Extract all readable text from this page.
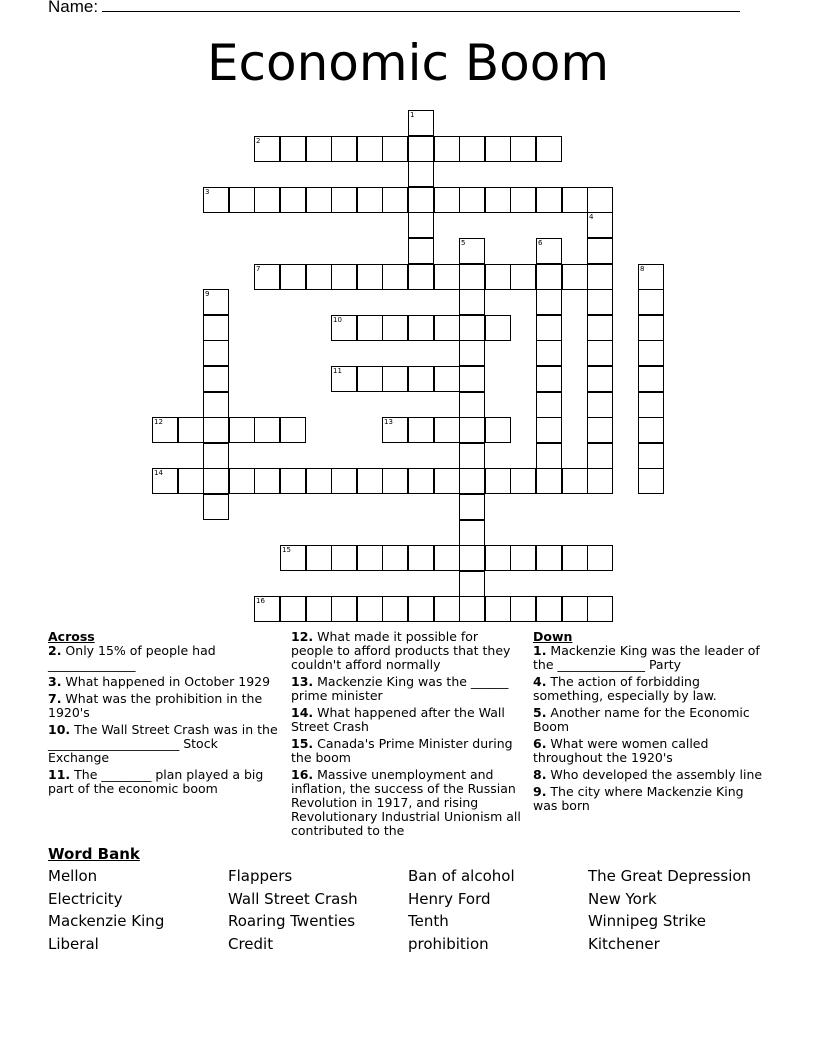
Name:
Economic Boom
1
2
3
4
5	6
7	8
9
10
11
12	13
14
15
16
Across
2. Only 15% of people had ______________
3. What happened in October 1929
7. What was the prohibition in the 1920's
10. The Wall Street Crash was in the _____________________ Stock Exchange
11. The ________ plan played a big part of the economic boom
12. What made it possible for people to afford products that they couldn't afford normally
13. Mackenzie King was the ______ prime minister
14. What happened after the Wall Street Crash
15. Canada's Prime Minister during the boom
16. Massive unemployment and inflation, the success of the Russian Revolution in 1917, and rising Revolutionary Industrial Unionism all contributed to the
Down
1. Mackenzie King was the leader of the ______________ Party
4. The action of forbidding something, especially by law.
5. Another name for the Economic Boom
6. What were women called throughout the 1920's
8. Who developed the assembly line
9. The city where Mackenzie King was born
Word Bank
Mellon	Flappers	Ban of alcohol	The Great Depression
Electricity	Wall Street Crash	Henry Ford	New York
Mackenzie King	Roaring Twenties	Tenth	Winnipeg Strike
Liberal	Credit	prohibition	Kitchener
